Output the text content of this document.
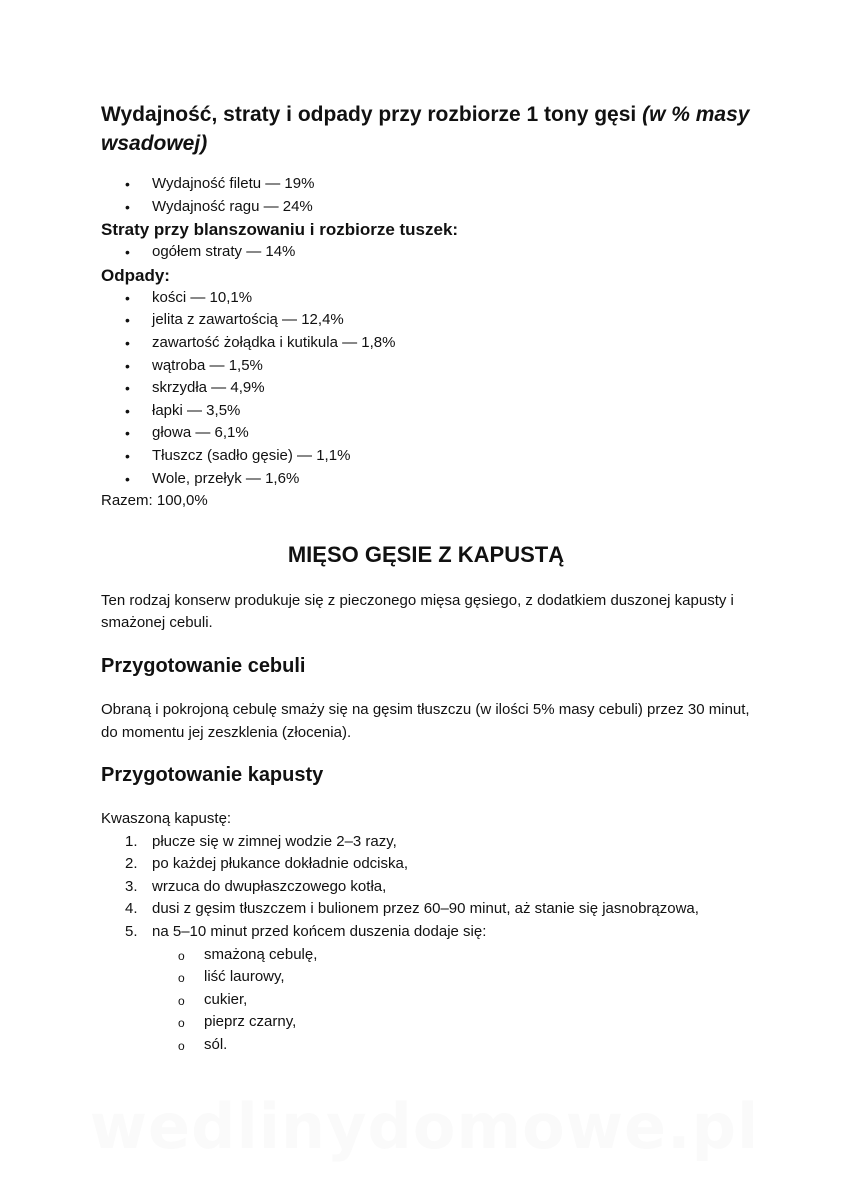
Wydajność, straty i odpady przy rozbiorze 1 tony gęsi (w % masy wsadowej)
• Wydajność filetu — 19%
• Wydajność ragu — 24%
Straty przy blanszowaniu i rozbiorze tuszek:
• ogółem straty — 14%
Odpady:
• kości — 10,1%
• jelita z zawartością — 12,4%
• zawartość żołądka i kutikula — 1,8%
• wątroba — 1,5%
• skrzydła — 4,9%
• łapki — 3,5%
• głowa — 6,1%
• Tłuszcz (sadło gęsie) — 1,1%
• Wole, przełyk — 1,6%

Razem: 100,0%

MIĘSO GĘSIE Z KAPUSTĄ

Ten rodzaj konserw produkuje się z pieczonego mięsa gęsiego, z dodatkiem duszonej kapusty i smażonej cebuli.

Przygotowanie cebuli

Obraną i pokrojoną cebulę smaży się na gęsim tłuszczu (w ilości 5% masy cebuli) przez 30 minut, do momentu jej zeszklenia (złocenia).

Przygotowanie kapusty

Kwaszoną kapustę:

1. płucze się w zimnej wodzie 2–3 razy,
2. po każdej płukance dokładnie odciska,
3. wrzuca do dwupłaszczowego kotła,
4. dusi z gęsim tłuszczem i bulionem przez 60–90 minut, aż stanie się jasnobrązowa,
5. na 5–10 minut przed końcem duszenia dodaje się:
o smażoną cebulę,
o liść laurowy,
o cukier,
o pieprz czarny,
o sól.
wedlinydomowe.pl
